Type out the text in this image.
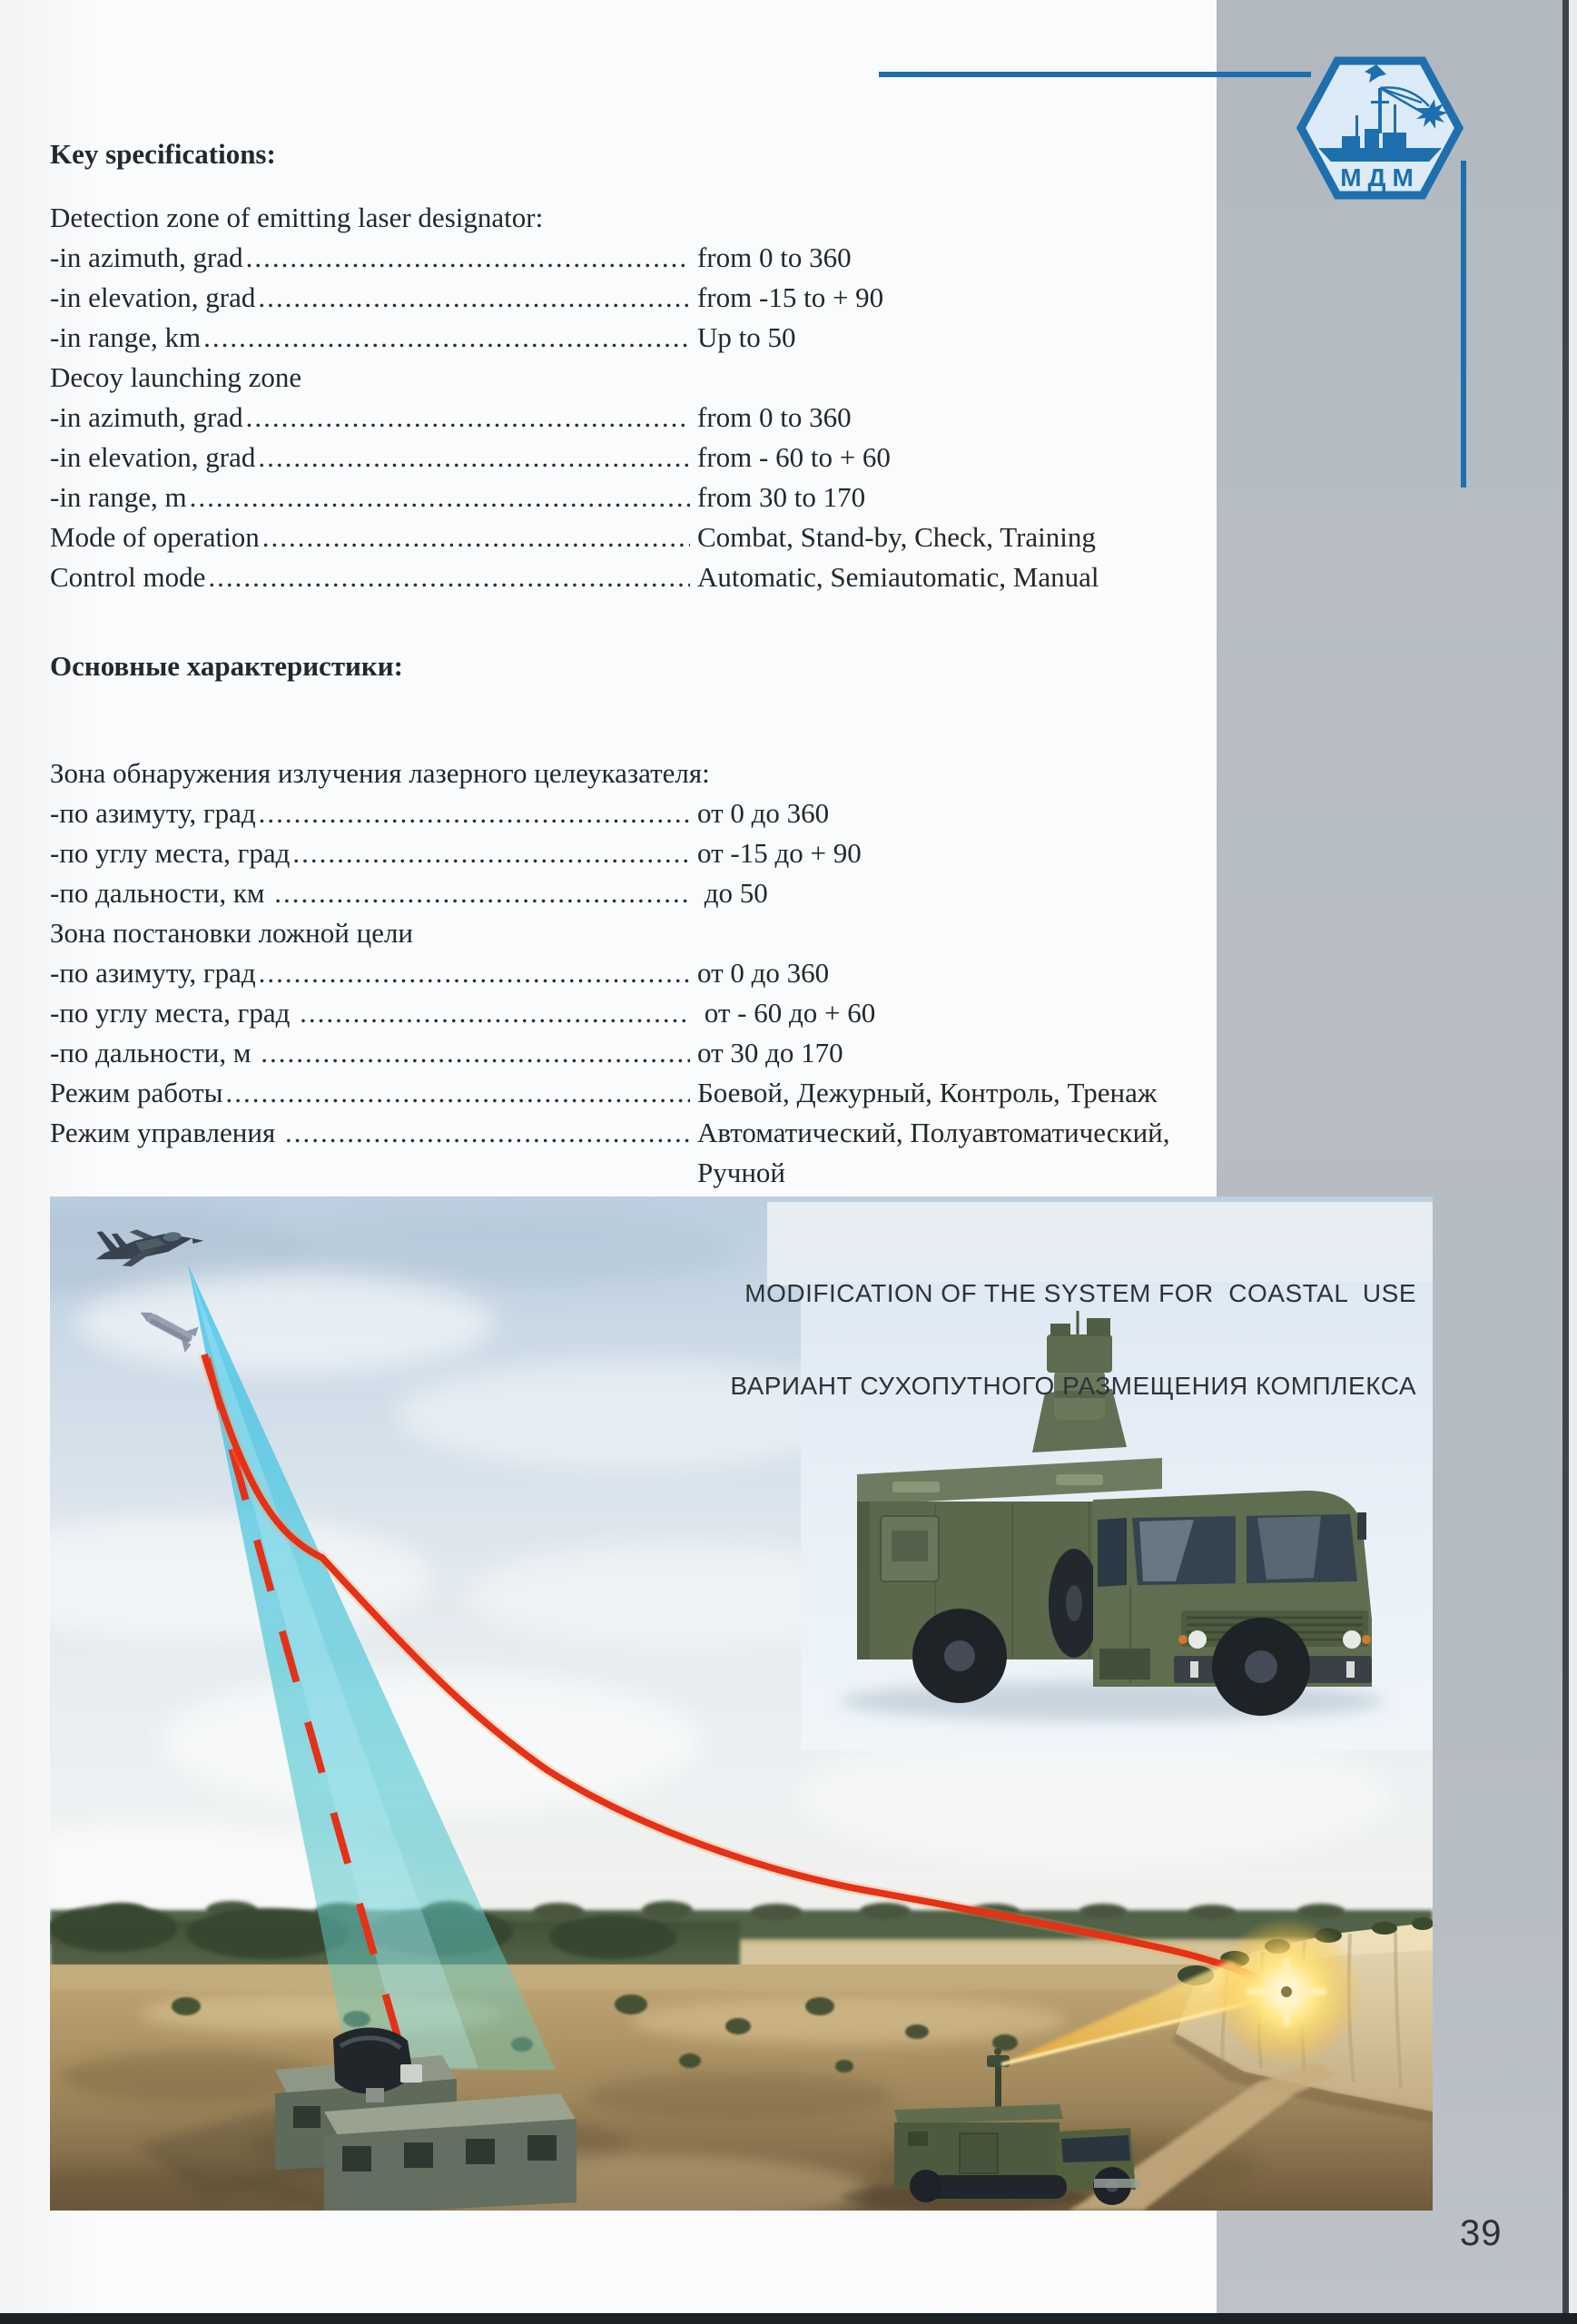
МДМ
Key specifications:
Detection zone of emitting laser designator:
-in azimuth, grad .....	from 0 to 360
-in elevation, grad .....	from -15 to + 90
-in range, km .....	Up to 50
Decoy launching zone
-in azimuth, grad .....	from 0 to 360
-in elevation, grad .....	from - 60 to + 60
-in range, m .....	from 30 to 170
Mode of operation .....	Combat, Stand-by, Check, Training
Control mode .....	Automatic, Semiautomatic, Manual
Основные характеристики:
Зона обнаружения излучения лазерного целеуказателя:
-по азимуту, град .....	от 0 до 360
-по углу места, град .....	от -15 до + 90
-по дальности, км .....	до 50
Зона постановки ложной цели
-по азимуту, град .....	от 0 до 360
-по углу места, град .....	от - 60 до + 60
-по дальности, м .....	от 30 до 170
Режим работы .....	Боевой, Дежурный, Контроль, Тренаж
Режим управления .....	Автоматический, Полуавтоматический,
Ручной

MODIFICATION OF THE SYSTEM FOR  COASTAL  USE

ВАРИАНТ СУХОПУТНОГО РАЗМЕЩЕНИЯ КОМПЛЕКСА

39
